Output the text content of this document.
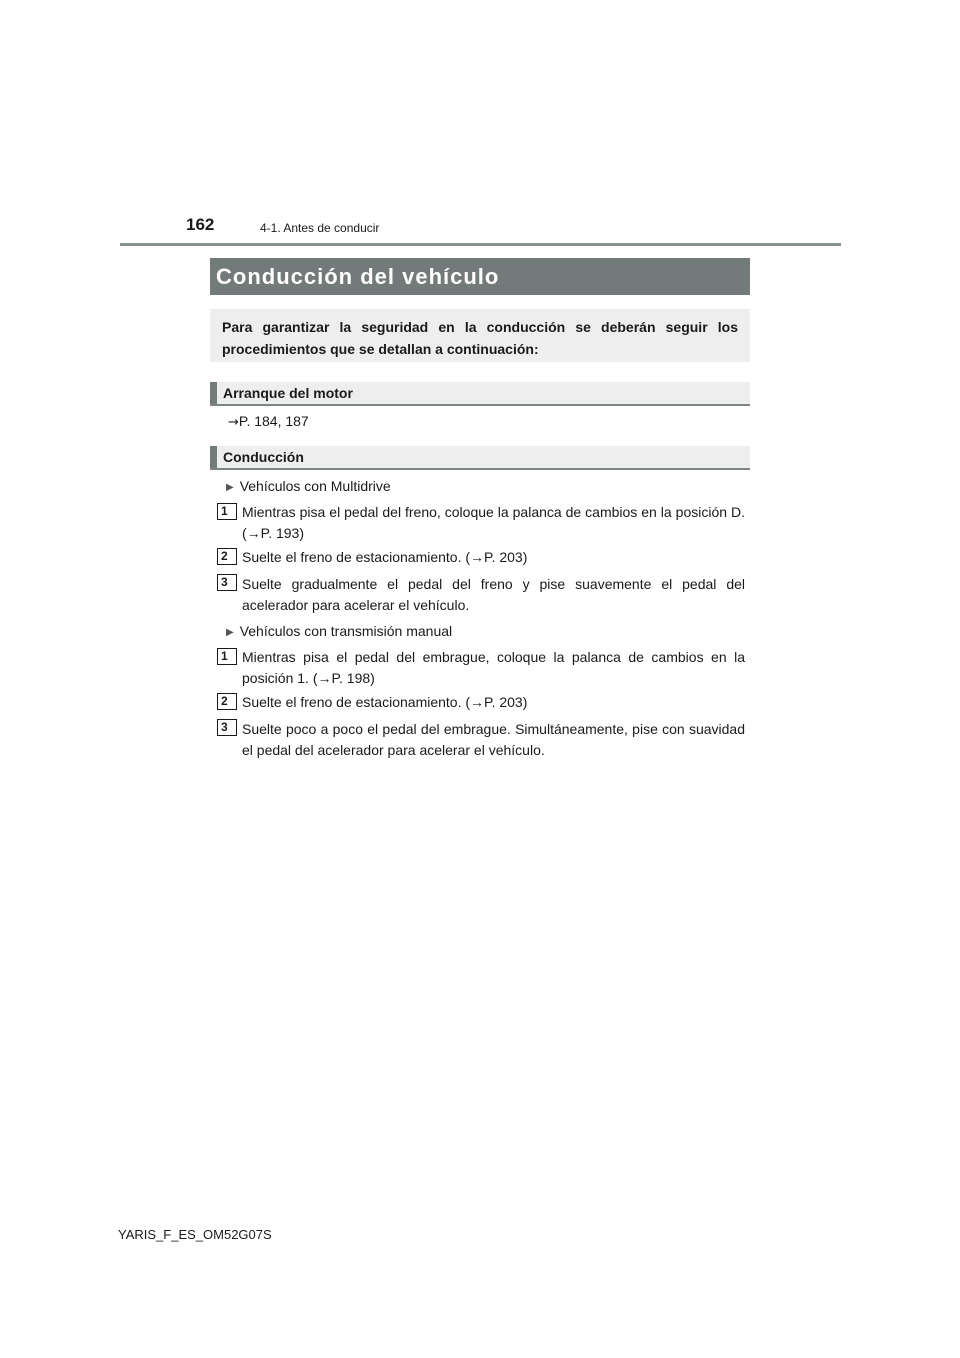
162	4-1. Antes de conducir
Conducción del vehículo
Para garantizar la seguridad en la conducción se deberán seguir los procedimientos que se detallan a continuación:
Arranque del motor
→P. 184, 187
Conducción
▶ Vehículos con Multidrive
1	Mientras pisa el pedal del freno, coloque la palanca de cambios en la posición D. (→P. 193)
2	Suelte el freno de estacionamiento. (→P. 203)
3	Suelte gradualmente el pedal del freno y pise suavemente el pedal del acelerador para acelerar el vehículo.
▶ Vehículos con transmisión manual
1	Mientras pisa el pedal del embrague, coloque la palanca de cambios en la posición 1. (→P. 198)
2	Suelte el freno de estacionamiento. (→P. 203)
3	Suelte poco a poco el pedal del embrague. Simultáneamente, pise con suavidad el pedal del acelerador para acelerar el vehículo.
YARIS_F_ES_OM52G07S
